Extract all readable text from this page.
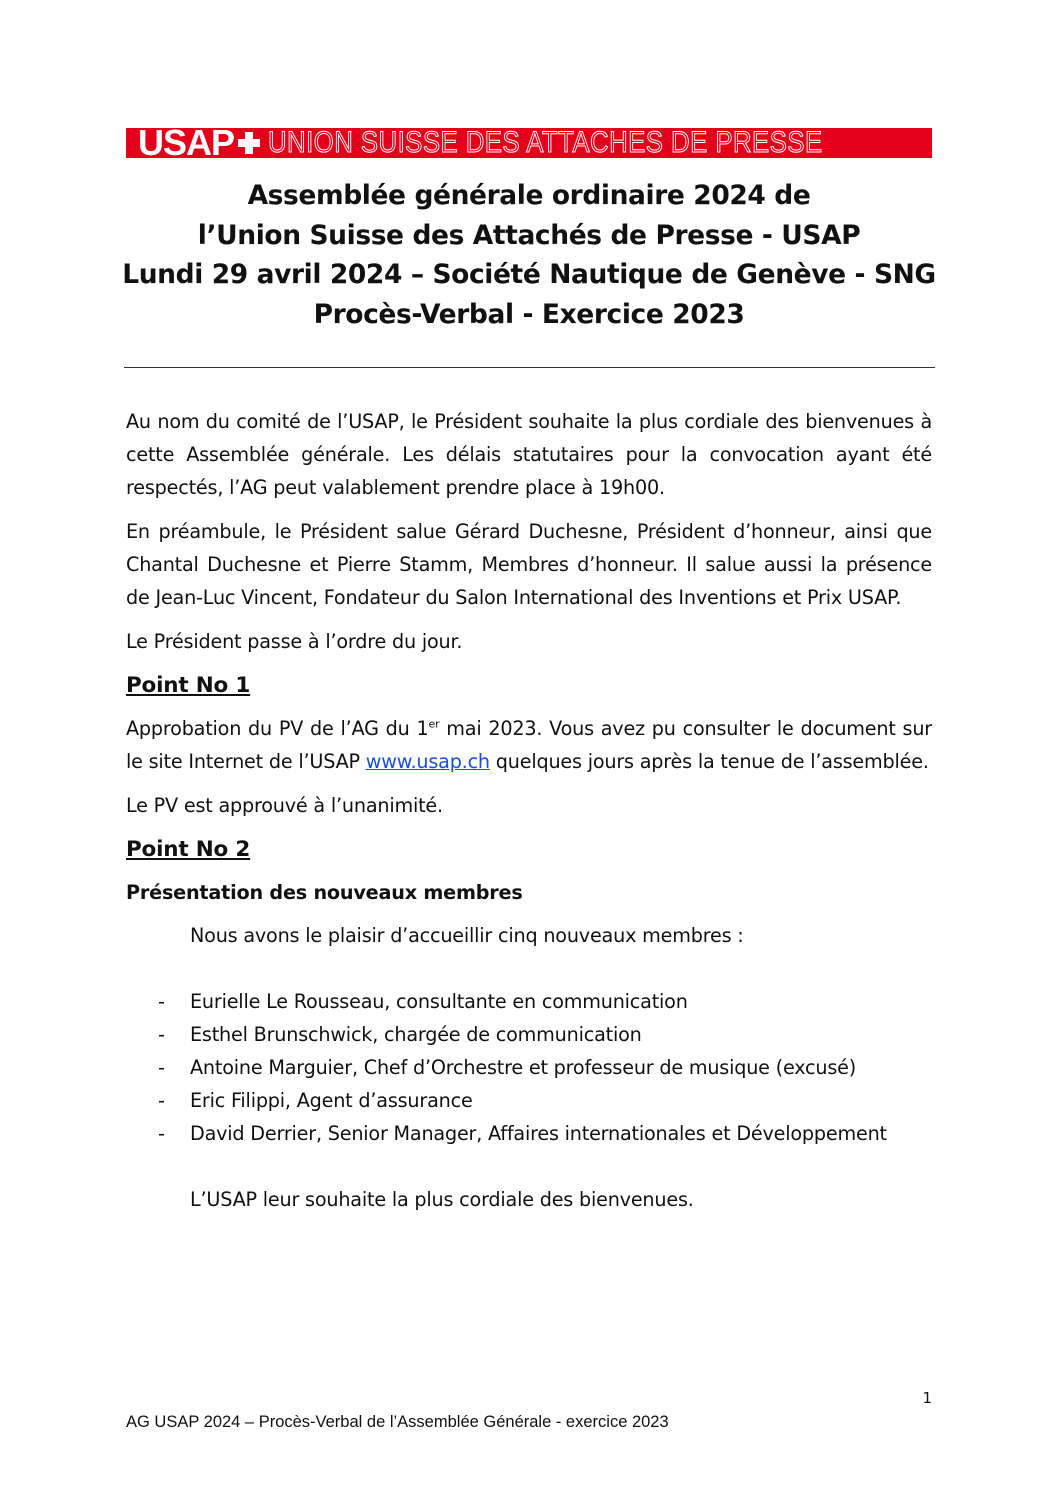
USAP UNION SUISSE DES ATTACHES DE PRESSE
Assemblée générale ordinaire 2024 de
l’Union Suisse des Attachés de Presse - USAP
Lundi 29 avril 2024 – Société Nautique de Genève - SNG
Procès-Verbal - Exercice 2023

Au nom du comité de l’USAP, le Président souhaite la plus cordiale des bienvenues à cette Assemblée générale. Les délais statutaires pour la convocation ayant été respectés, l’AG peut valablement prendre place à 19h00.

En préambule, le Président salue Gérard Duchesne, Président d’honneur, ainsi que Chantal Duchesne et Pierre Stamm, Membres d’honneur. Il salue aussi la présence de Jean-Luc Vincent, Fondateur du Salon International des Inventions et Prix USAP.

Le Président passe à l’ordre du jour.

Point No 1

Approbation du PV de l’AG du 1er mai 2023. Vous avez pu consulter le document sur le site Internet de l’USAP www.usap.ch quelques jours après la tenue de l’assemblée.

Le PV est approuvé à l’unanimité.

Point No 2
Présentation des nouveaux membres
Nous avons le plaisir d’accueillir cinq nouveaux membres :
- Eurielle Le Rousseau, consultante en communication
- Esthel Brunschwick, chargée de communication
- Antoine Marguier, Chef d’Orchestre et professeur de musique (excusé)
- Eric Filippi, Agent d’assurance
- David Derrier, Senior Manager, Affaires internationales et Développement
L’USAP leur souhaite la plus cordiale des bienvenues.
1
AG USAP 2024 – Procès-Verbal de l’Assemblée Générale - exercice 2023
